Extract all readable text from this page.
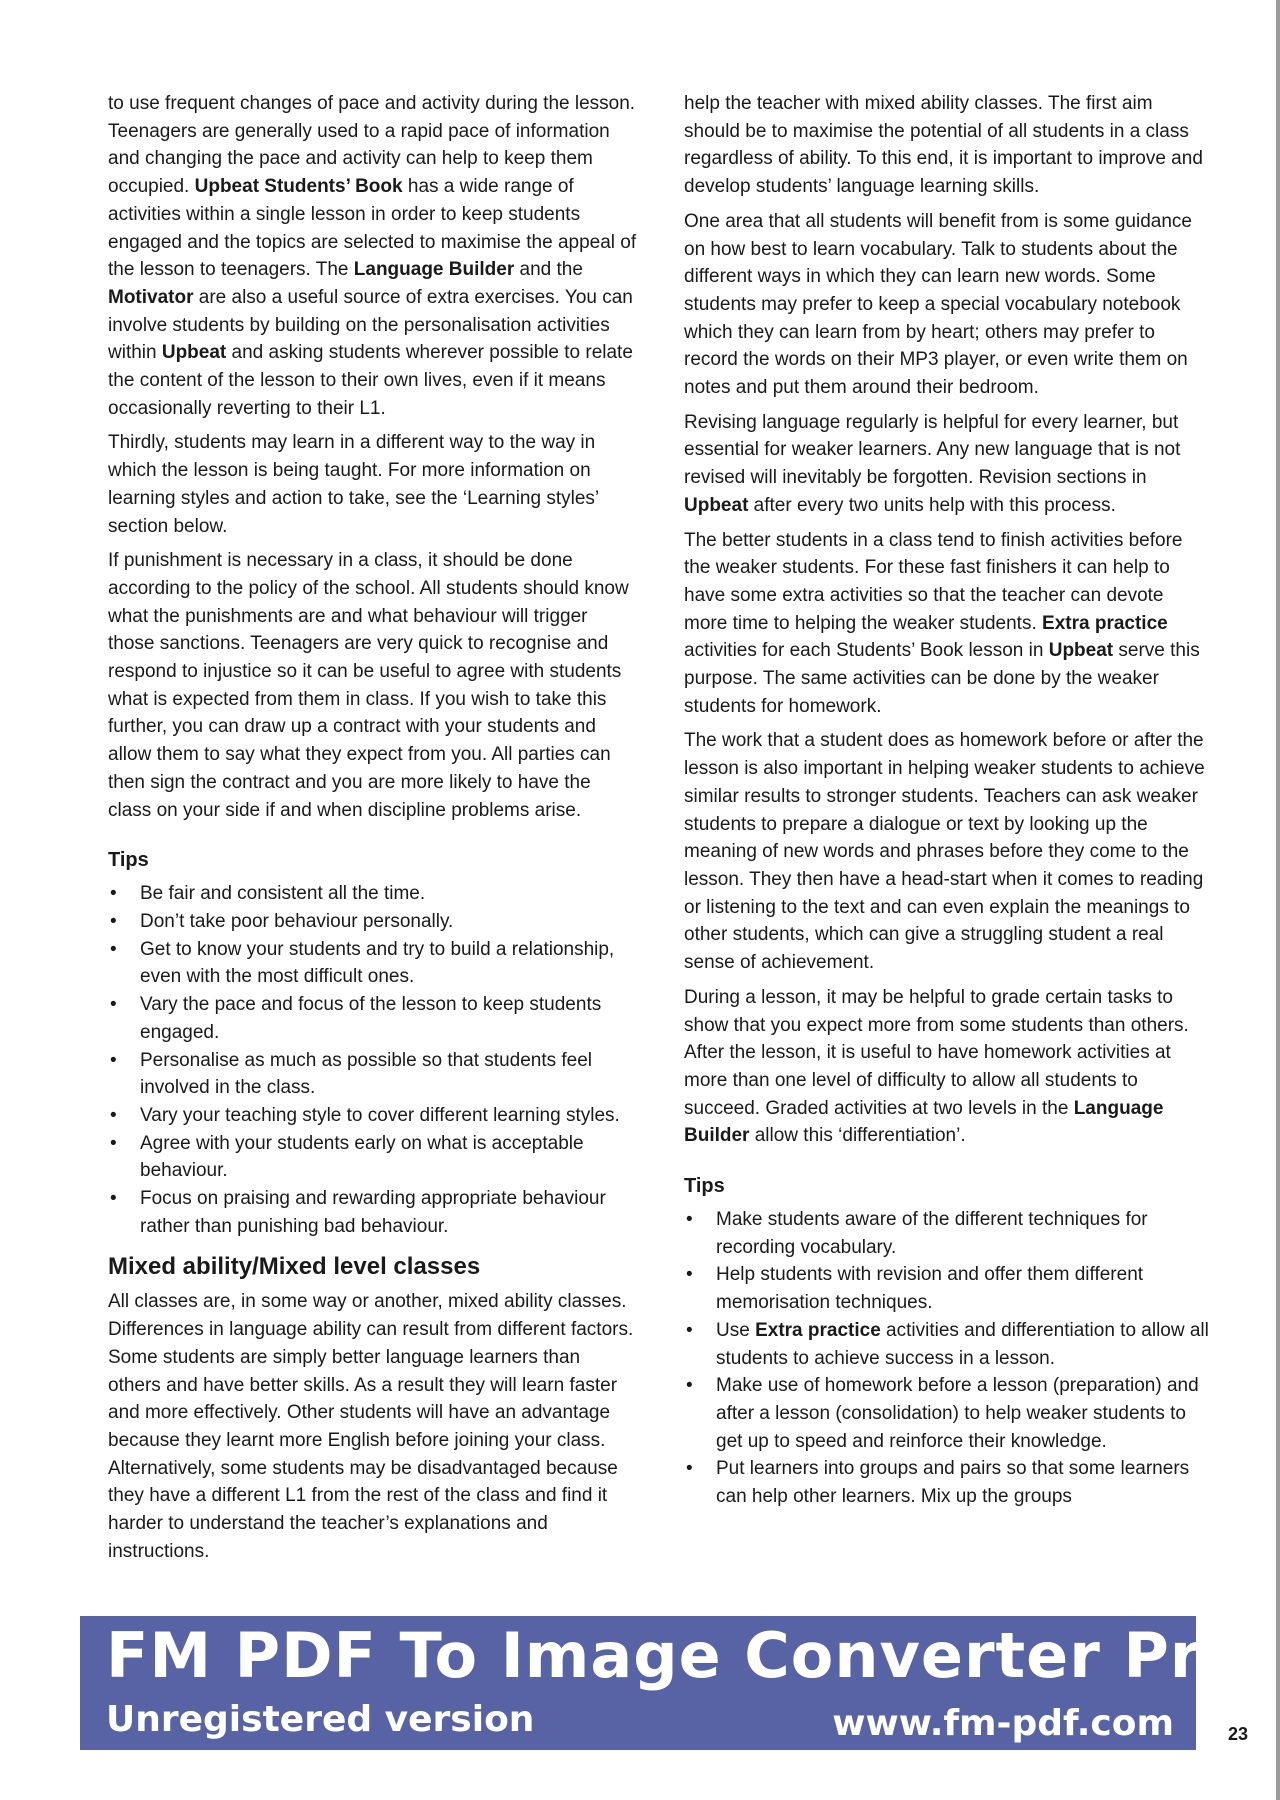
to use frequent changes of pace and activity during the lesson. Teenagers are generally used to a rapid pace of information and changing the pace and activity can help to keep them occupied. Upbeat Students’ Book has a wide range of activities within a single lesson in order to keep students engaged and the topics are selected to maximise the appeal of the lesson to teenagers. The Language Builder and the Motivator are also a useful source of extra exercises. You can involve students by building on the personalisation activities within Upbeat and asking students wherever possible to relate the content of the lesson to their own lives, even if it means occasionally reverting to their L1.

Thirdly, students may learn in a different way to the way in which the lesson is being taught. For more information on learning styles and action to take, see the ‘Learning styles’ section below.

If punishment is necessary in a class, it should be done according to the policy of the school. All students should know what the punishments are and what behaviour will trigger those sanctions. Teenagers are very quick to recognise and respond to injustice so it can be useful to agree with students what is expected from them in class. If you wish to take this further, you can draw up a contract with your students and allow them to say what they expect from you. All parties can then sign the contract and you are more likely to have the class on your side if and when discipline problems arise.

Tips
• Be fair and consistent all the time.
• Don’t take poor behaviour personally.
• Get to know your students and try to build a relationship, even with the most difficult ones.
• Vary the pace and focus of the lesson to keep students engaged.
• Personalise as much as possible so that students feel involved in the class.
• Vary your teaching style to cover different learning styles.
• Agree with your students early on what is acceptable behaviour.
• Focus on praising and rewarding appropriate behaviour rather than punishing bad behaviour.
Mixed ability/Mixed level classes

All classes are, in some way or another, mixed ability classes. Differences in language ability can result from different factors. Some students are simply better language learners than others and have better skills. As a result they will learn faster and more effectively. Other students will have an advantage because they learnt more English before joining your class. Alternatively, some students may be disadvantaged because they have a different L1 from the rest of the class and find it harder to understand the teacher’s explanations and instructions.

help the teacher with mixed ability classes. The first aim should be to maximise the potential of all students in a class regardless of ability. To this end, it is important to improve and develop students’ language learning skills.

One area that all students will benefit from is some guidance on how best to learn vocabulary. Talk to students about the different ways in which they can learn new words. Some students may prefer to keep a special vocabulary notebook which they can learn from by heart; others may prefer to record the words on their MP3 player, or even write them on notes and put them around their bedroom.

Revising language regularly is helpful for every learner, but essential for weaker learners. Any new language that is not revised will inevitably be forgotten. Revision sections in Upbeat after every two units help with this process.

The better students in a class tend to finish activities before the weaker students. For these fast finishers it can help to have some extra activities so that the teacher can devote more time to helping the weaker students. Extra practice activities for each Students’ Book lesson in Upbeat serve this purpose. The same activities can be done by the weaker students for homework.

The work that a student does as homework before or after the lesson is also important in helping weaker students to achieve similar results to stronger students. Teachers can ask weaker students to prepare a dialogue or text by looking up the meaning of new words and phrases before they come to the lesson. They then have a head-start when it comes to reading or listening to the text and can even explain the meanings to other students, which can give a struggling student a real sense of achievement.

During a lesson, it may be helpful to grade certain tasks to show that you expect more from some students than others. After the lesson, it is useful to have homework activities at more than one level of difficulty to allow all students to succeed. Graded activities at two levels in the Language Builder allow this ‘differentiation’.

Tips
• Make students aware of the different techniques for recording vocabulary.
• Help students with revision and offer them different memorisation techniques.
• Use Extra practice activities and differentiation to allow all students to achieve success in a lesson.
• Make use of homework before a lesson (preparation) and after a lesson (consolidation) to help weaker students to get up to speed and reinforce their knowledge.
• Put learners into groups and pairs so that some learners can help other learners. Mix up the groups
FM PDF To Image Converter Pro
Unregistered version	www.fm-pdf.com	23
